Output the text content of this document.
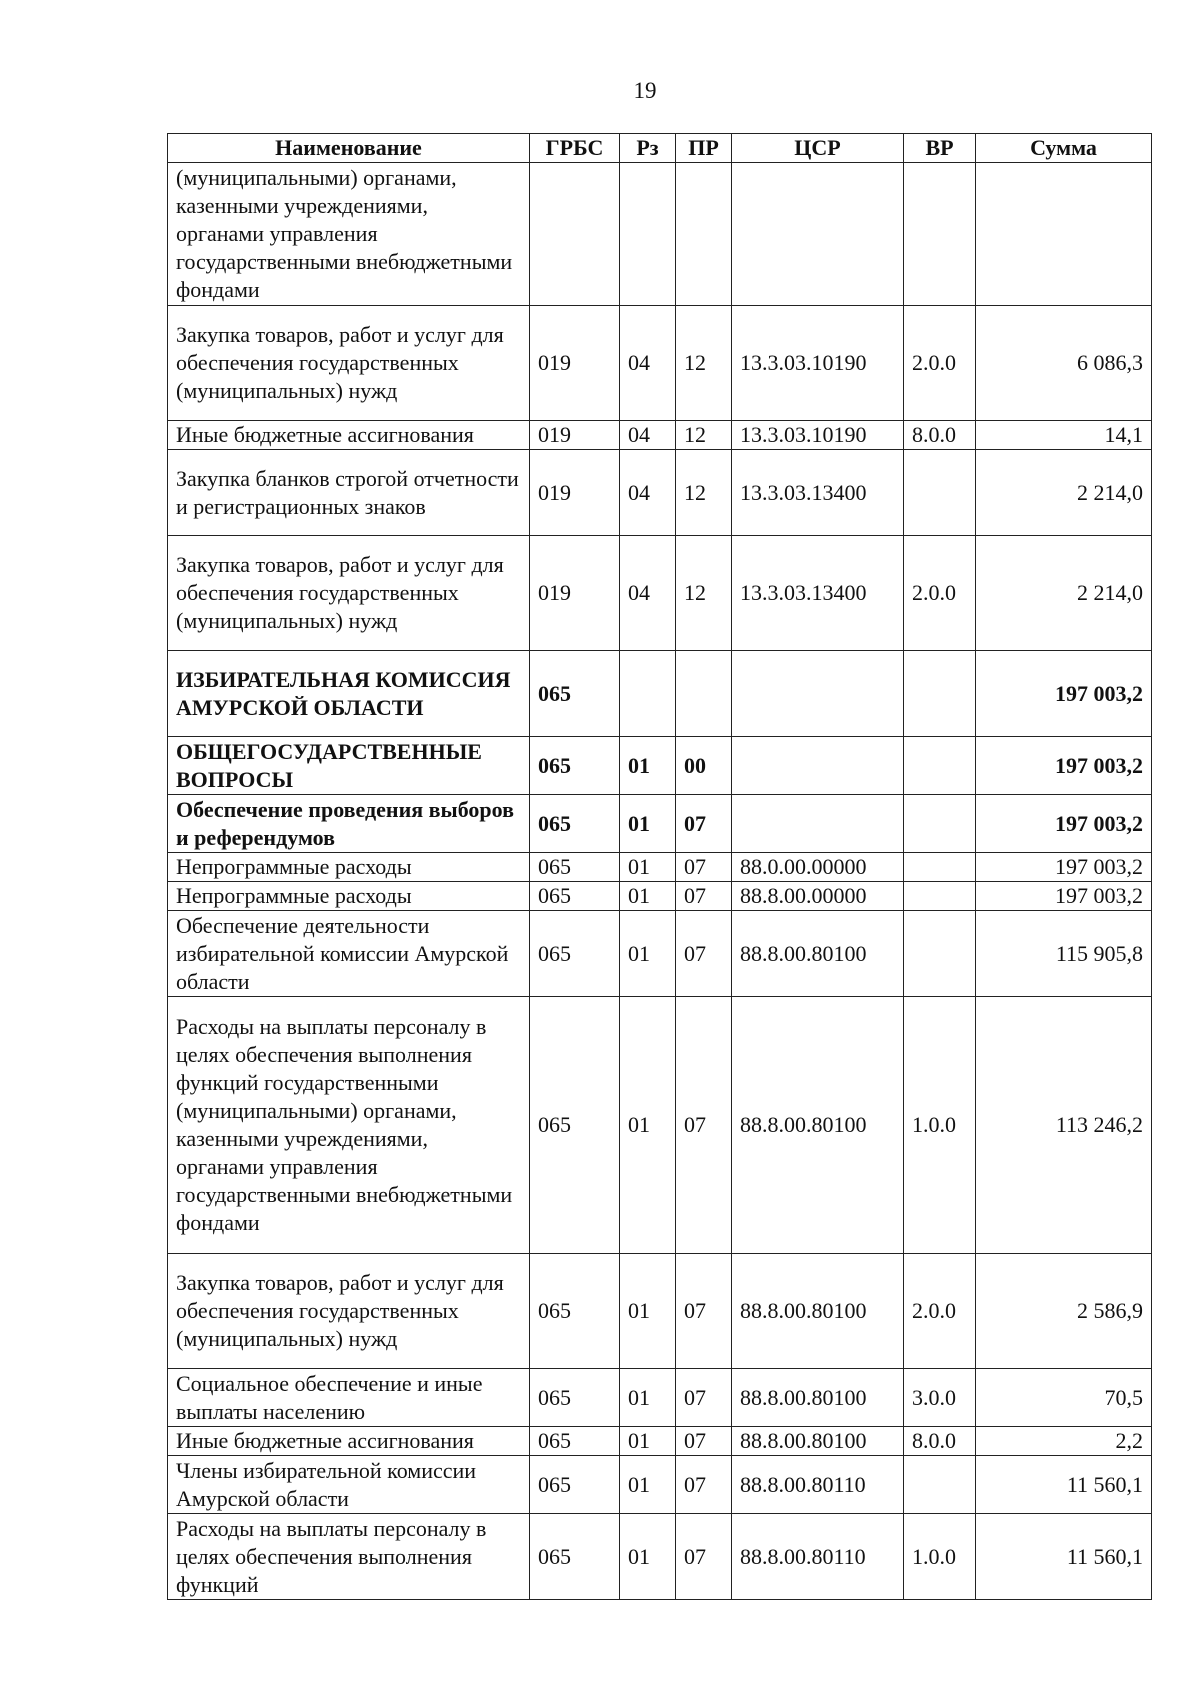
19
Наименование	ГРБС	Рз	ПР	ЦСР	ВР	Сумма
(муниципальными) органами, казенными учреждениями, органами управления государственными внебюджетными фондами						
Закупка товаров, работ и услуг для обеспечения государственных (муниципальных) нужд	019	04	12	13.3.03.10190	2.0.0	6 086,3
Иные бюджетные ассигнования	019	04	12	13.3.03.10190	8.0.0	14,1
Закупка бланков строгой отчетности и регистрационных знаков	019	04	12	13.3.03.13400		2 214,0
Закупка товаров, работ и услуг для обеспечения государственных (муниципальных) нужд	019	04	12	13.3.03.13400	2.0.0	2 214,0
ИЗБИРАТЕЛЬНАЯ КОМИССИЯ АМУРСКОЙ ОБЛАСТИ	065					197 003,2
ОБЩЕГОСУДАРСТВЕННЫЕ ВОПРОСЫ	065	01	00			197 003,2
Обеспечение проведения выборов и референдумов	065	01	07			197 003,2
Непрограммные расходы	065	01	07	88.0.00.00000		197 003,2
Непрограммные расходы	065	01	07	88.8.00.00000		197 003,2
Обеспечение деятельности избирательной комиссии Амурской области	065	01	07	88.8.00.80100		115 905,8
Расходы на выплаты персоналу в целях обеспечения выполнения функций государственными (муниципальными) органами, казенными учреждениями, органами управления государственными внебюджетными фондами	065	01	07	88.8.00.80100	1.0.0	113 246,2
Закупка товаров, работ и услуг для обеспечения государственных (муниципальных) нужд	065	01	07	88.8.00.80100	2.0.0	2 586,9
Социальное обеспечение и иные выплаты населению	065	01	07	88.8.00.80100	3.0.0	70,5
Иные бюджетные ассигнования	065	01	07	88.8.00.80100	8.0.0	2,2
Члены избирательной комиссии Амурской области	065	01	07	88.8.00.80110		11 560,1
Расходы на выплаты персоналу в целях обеспечения выполнения функций	065	01	07	88.8.00.80110	1.0.0	11 560,1
